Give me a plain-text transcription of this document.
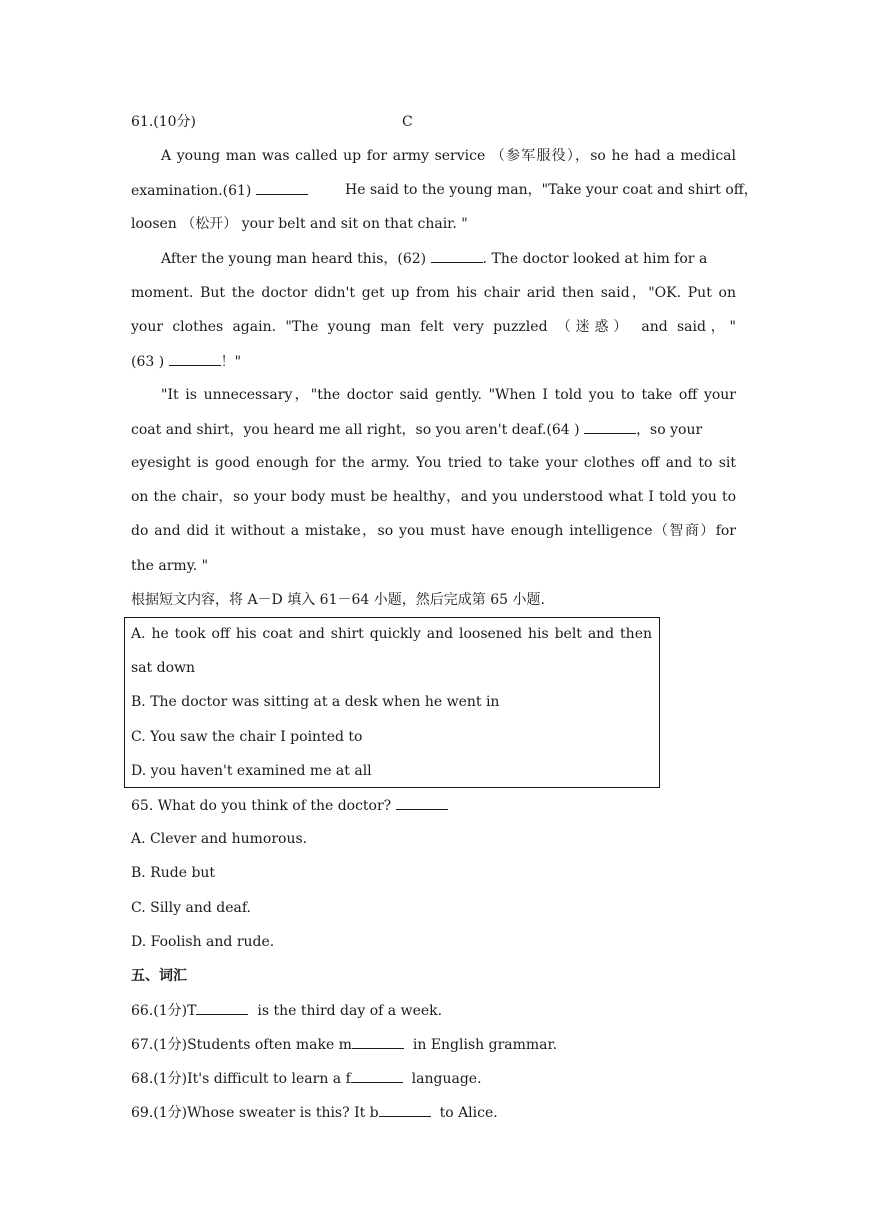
61.(10分)	C
A young man was called up for army service （参军服役），so he had a medical
examination.(61)	He said to the young man，"Take your coat and shirt off，
loosen （松开） your belt and sit on that chair. "
After the young man heard this，(62)	. The doctor looked at him for a
moment. But the doctor didn't get up from his chair arid then said，"OK. Put on
your clothes again. "The young man felt very puzzled （迷惑） and said，"
(63 )	！"
"It is unnecessary，"the doctor said gently. "When I told you to take off your
coat and shirt，you heard me all right，so you aren't deaf.(64 )	，so your
eyesight is good enough for the army. You tried to take your clothes off and to sit
on the chair，so your body must be healthy，and you understood what I told you to
do and did it without a mistake，so you must have enough intelligence（智商）for
the army. "
根据短文内容，将 A－D 填入 61－64 小题，然后完成第 65 小题.
A. he took off his coat and shirt quickly and loosened his belt and then
sat down
B. The doctor was sitting at a desk when he went in
C. You saw the chair I pointed to
D. you haven't examined me at all
65. What do you think of the doctor?
A. Clever and humorous.
B. Rude but
C. Silly and deaf.
D. Foolish and rude.
五、词汇
66.(1分)T	is the third day of a week.
67.(1分)Students often make m	in English grammar.
68.(1分)It's difficult to learn a f	language.
69.(1分)Whose sweater is this? It b	to Alice.
